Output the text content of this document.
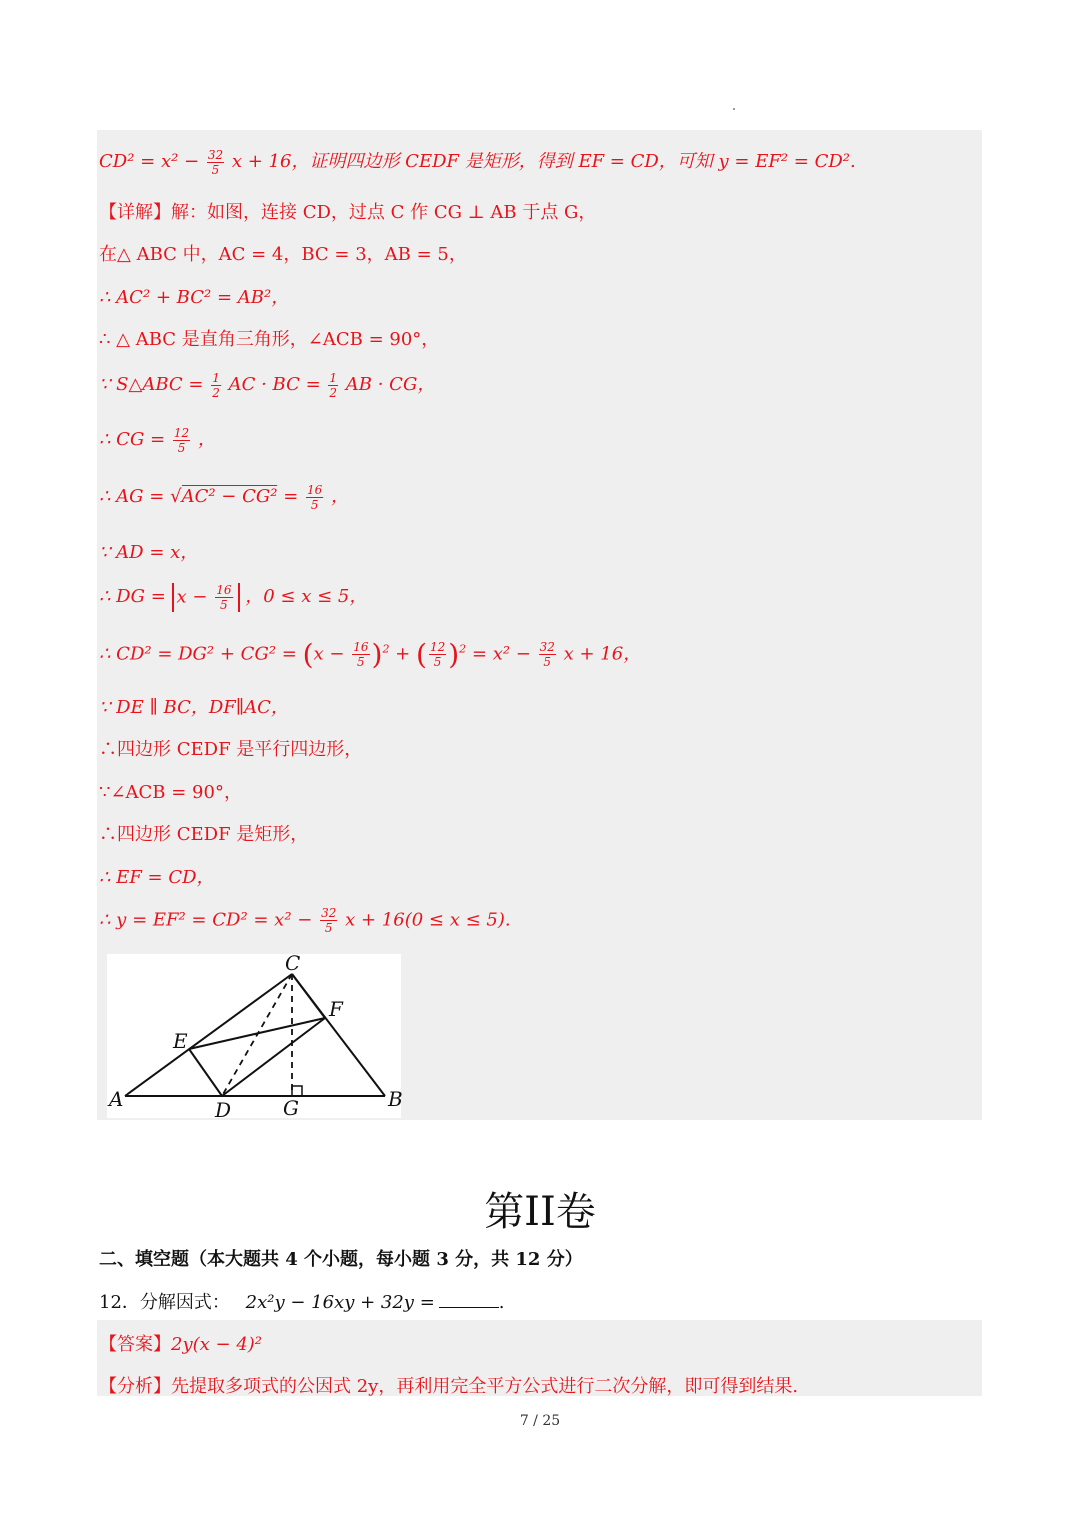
$CD^2 = x^2 - \frac{32}{5}$ x + 16，证明四边形 CEDF 是矩形，得到 EF = CD，可知 y = EF² = CD².
【详解】解：如图，连接 CD，过点 C 作 CG ⊥ AB 于点 G，
在△ ABC 中，AC = 4，BC = 3，AB = 5，
∴ AC² + BC² = AB²，
∴ △ ABC 是直角三角形，∠ACB = 90°，
∵ S△ABC = $\frac{1}{2}$ AC · BC = $\frac{1}{2}$ AB · CG，
∴ CG = $\frac{12}{5}$ ，
∴ AG = $√AC^2 - CG^2 = \frac{16}{5}$ ，
∵ AD = x，
∴ DG = $x - \frac{16}{5}$ ，0 ≤ x ≤ 5，
∴ $CD^2 = DG^2 + CG^2 = (x - \frac{16}{5} )^2$ + ( $\frac{12}{5} )^2 = x^2 - \frac{32}{5}$ x + 16，
∵ DE ∥ BC，DF∥AC，
∴四边形 CEDF 是平行四边形，
∵∠ACB = 90°，
∴四边形 CEDF 是矩形，
∴ EF = CD，
∴ $y = EF^2 = CD^2 = x^2 - \frac{32}{5}$ x + 16(0 ≤ x ≤ 5).
C
F
E
A	D	G	B
第II卷
二、填空题（本大题共 4 个小题，每小题 3 分，共 12 分）
12．分解因式： 2x²y − 16xy + 32y =	.
【答案】2y(x − 4)²
【分析】先提取多项式的公因式 2y，再利用完全平方公式进行二次分解，即可得到结果.
7 / 25
